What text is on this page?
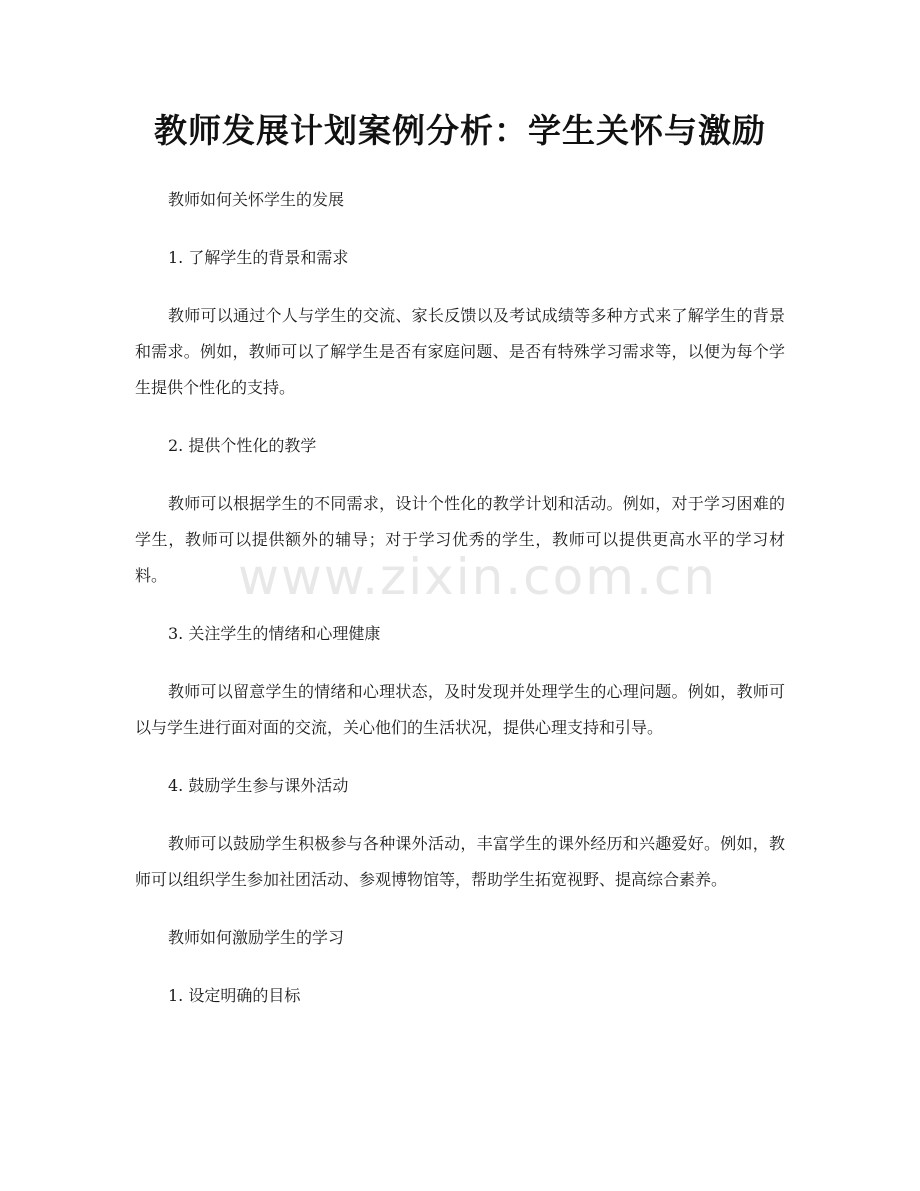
教师发展计划案例分析：学生关怀与激励

教师如何关怀学生的发展

1. 了解学生的背景和需求

教师可以通过个人与学生的交流、家长反馈以及考试成绩等多种方式来了解学生的背景和需求。例如，教师可以了解学生是否有家庭问题、是否有特殊学习需求等，以便为每个学生提供个性化的支持。

2. 提供个性化的教学

教师可以根据学生的不同需求，设计个性化的教学计划和活动。例如，对于学习困难的学生，教师可以提供额外的辅导；对于学习优秀的学生，教师可以提供更高水平的学习材料。

3. 关注学生的情绪和心理健康

教师可以留意学生的情绪和心理状态，及时发现并处理学生的心理问题。例如，教师可以与学生进行面对面的交流，关心他们的生活状况，提供心理支持和引导。

4. 鼓励学生参与课外活动

教师可以鼓励学生积极参与各种课外活动，丰富学生的课外经历和兴趣爱好。例如，教师可以组织学生参加社团活动、参观博物馆等，帮助学生拓宽视野、提高综合素养。

教师如何激励学生的学习

1. 设定明确的目标

www.zixin.com.cn
